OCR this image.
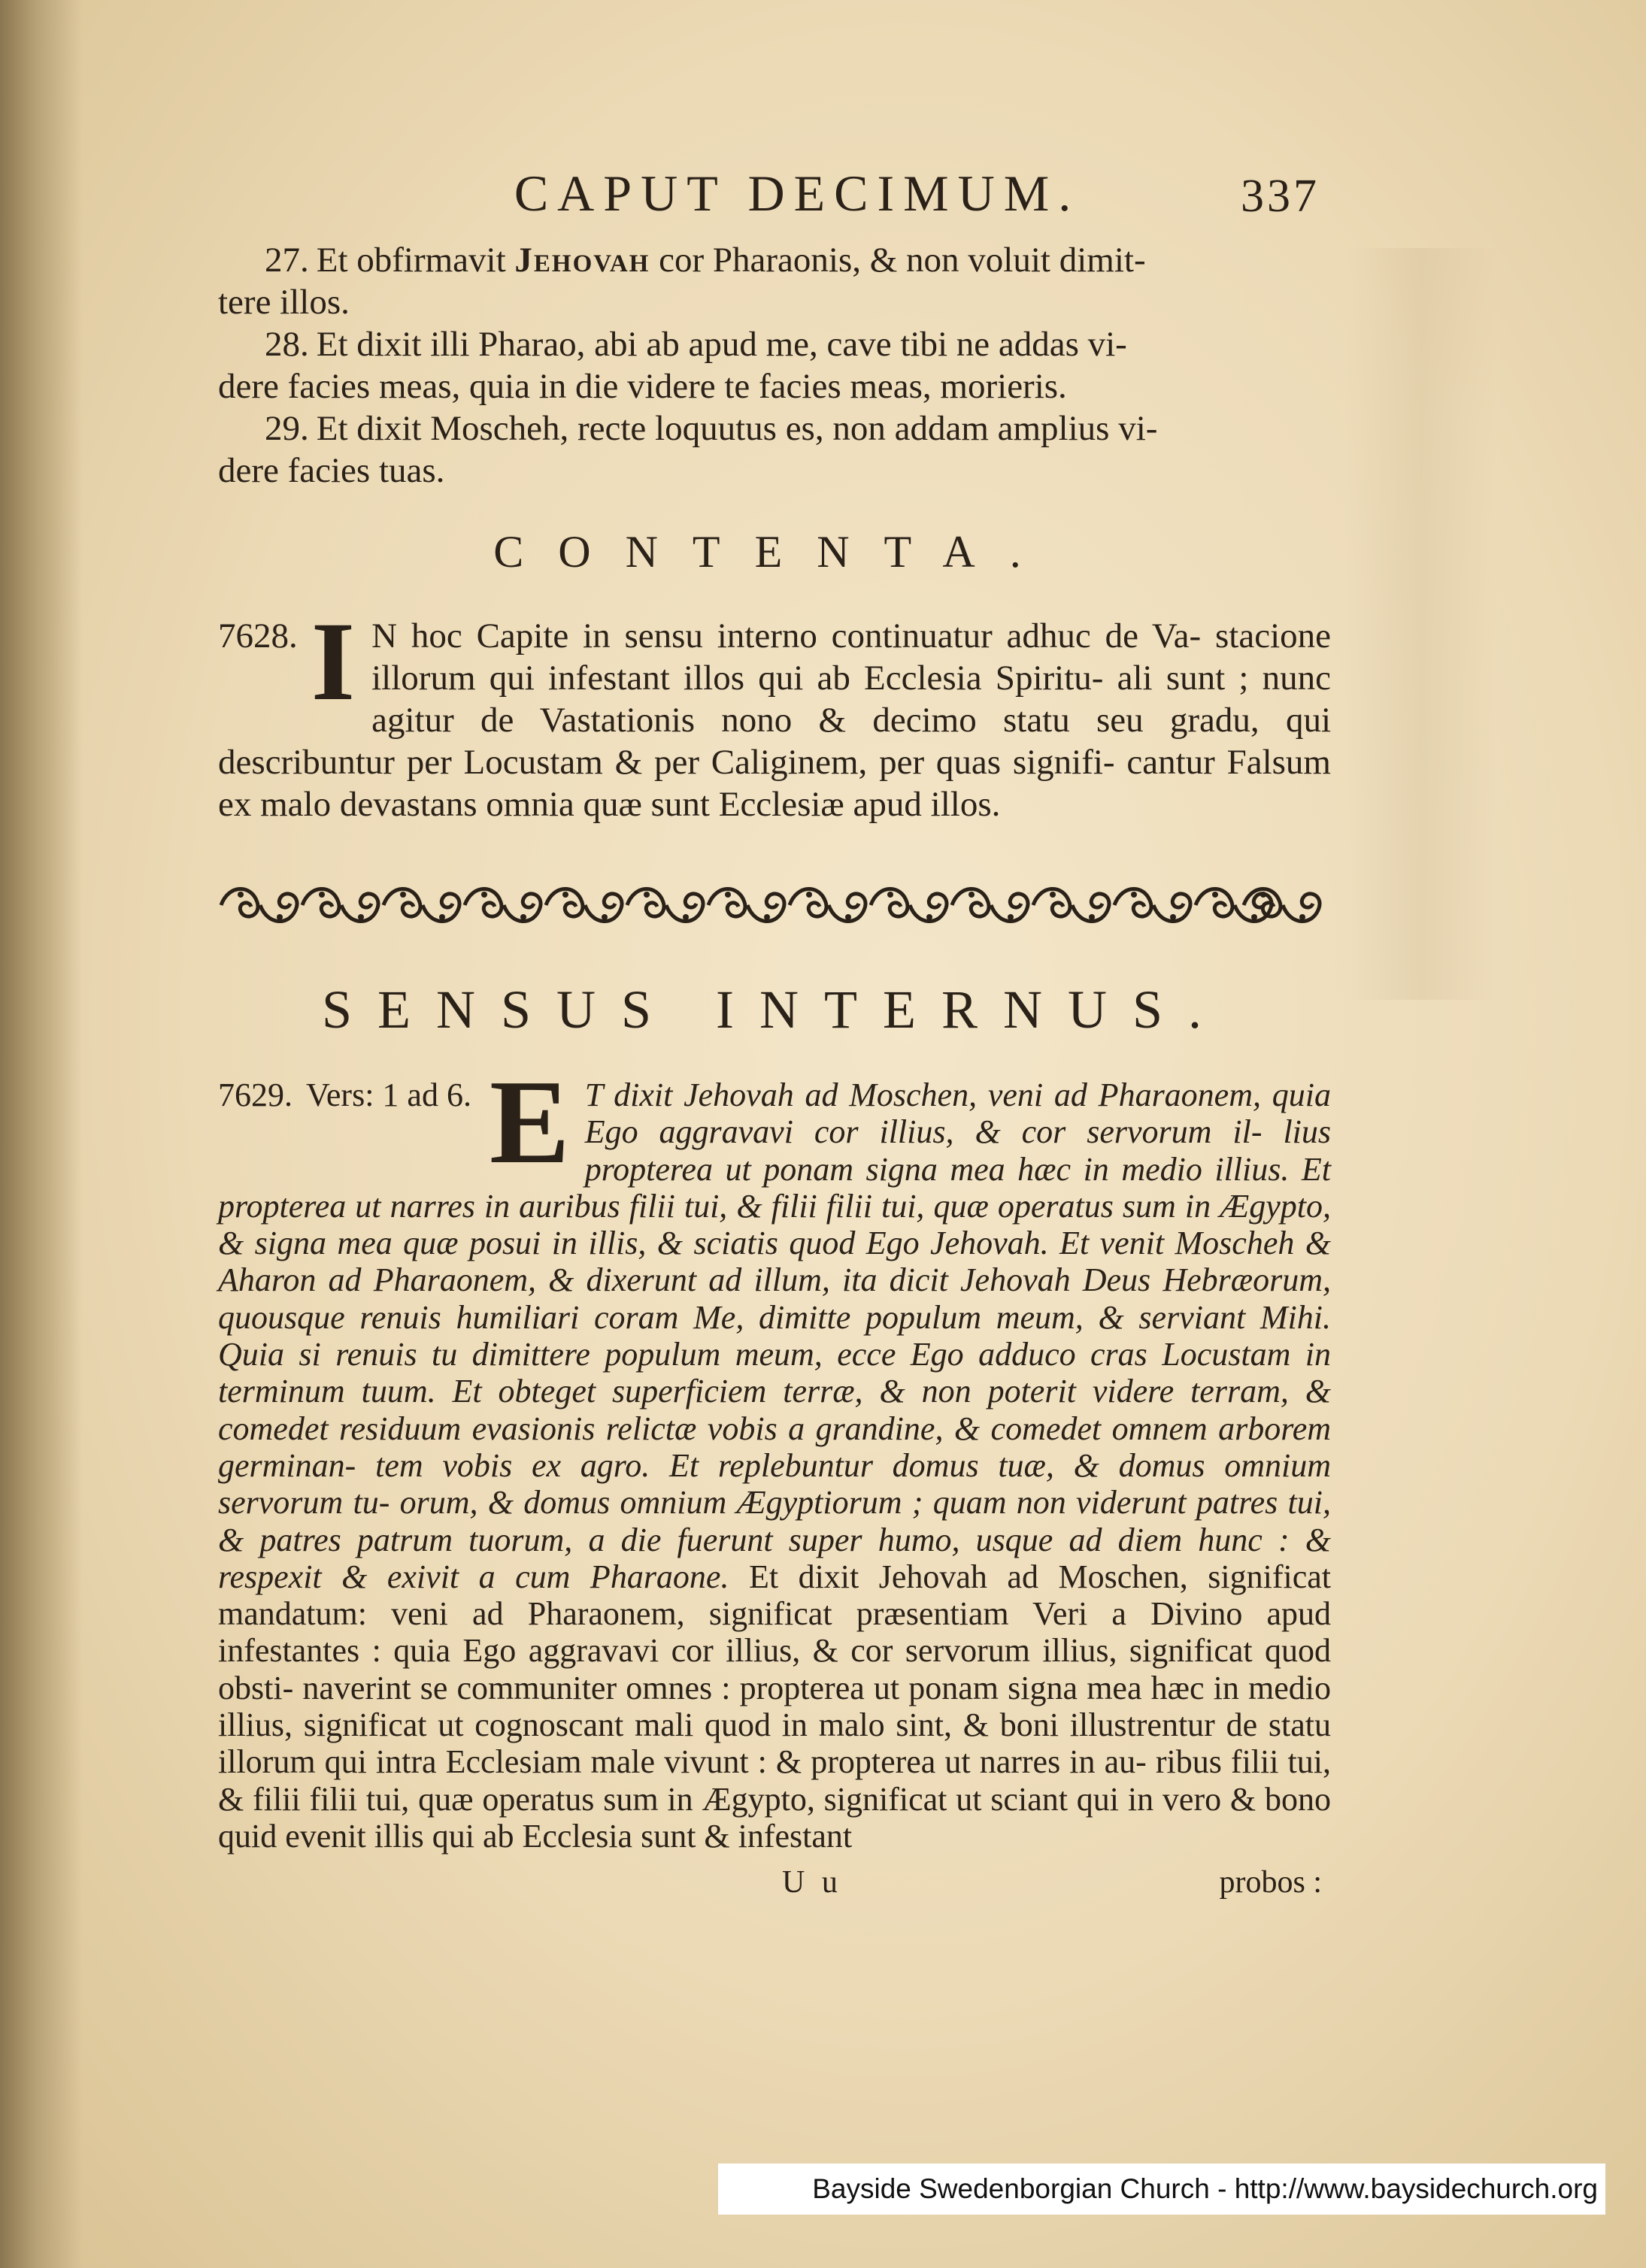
CAPUT DECIMUM.	337

27. Et obfirmavit Jehovah cor Pharaonis, & non voluit dimit-

tere illos.

28. Et dixit illi Pharao, abi ab apud me, cave tibi ne addas vi-

dere facies meas, quia in die videre te facies meas, morieris.

29. Et dixit Moscheh, recte loquutus es, non addam amplius vi-

dere facies tuas.

CONTENTA.
7628. I N hoc Capite in sensu interno continuatur adhuc de Va- stacione illorum qui infestant illos qui ab Ecclesia Spiritu- ali sunt ; nunc agitur de Vastationis nono & decimo statu seu gradu, qui describuntur per Locustam & per Caliginem, per quas signifi- cantur Falsum ex malo devastans omnia quæ sunt Ecclesiæ apud illos.
SENSUS INTERNUS.
7629. Vers: 1 ad 6. E T dixit Jehovah ad Moschen, veni ad Pharaonem, quia Ego aggravavi cor illius, & cor servorum il- lius propterea ut ponam signa mea hæc in medio illius. Et propterea ut narres in auribus filii tui, & filii filii tui, quæ operatus sum in Ægypto, & signa mea quæ posui in illis, & sciatis quod Ego Jehovah. Et venit Moscheh & Aharon ad Pharaonem, & dixerunt ad illum, ita dicit Jehovah Deus Hebræorum, quousque renuis humiliari coram Me, dimitte populum meum, & serviant Mihi. Quia si renuis tu dimittere populum meum, ecce Ego adduco cras Locustam in terminum tuum. Et obteget superficiem terræ, & non poterit videre terram, & comedet residuum evasionis relictæ vobis a grandine, & comedet omnem arborem germinan- tem vobis ex agro. Et replebuntur domus tuæ, & domus omnium servorum tu- orum, & domus omnium Ægyptiorum ; quam non viderunt patres tui, & patres patrum tuorum, a die fuerunt super humo, usque ad diem hunc : & respexit & exivit a cum Pharaone. Et dixit Jehovah ad Moschen, significat mandatum: veni ad Pharaonem, significat præsentiam Veri a Divino apud infestantes : quia Ego aggravavi cor illius, & cor servorum illius, significat quod obsti- naverint se communiter omnes : propterea ut ponam signa mea hæc in medio illius, significat ut cognoscant mali quod in malo sint, & boni illustrentur de statu illorum qui intra Ecclesiam male vivunt : & propterea ut narres in au- ribus filii tui, & filii filii tui, quæ operatus sum in Ægypto, significat ut sciant qui in vero & bono quid evenit illis qui ab Ecclesia sunt & infestant
U u	probos :
Bayside Swedenborgian Church - http://www.baysidechurch.org
